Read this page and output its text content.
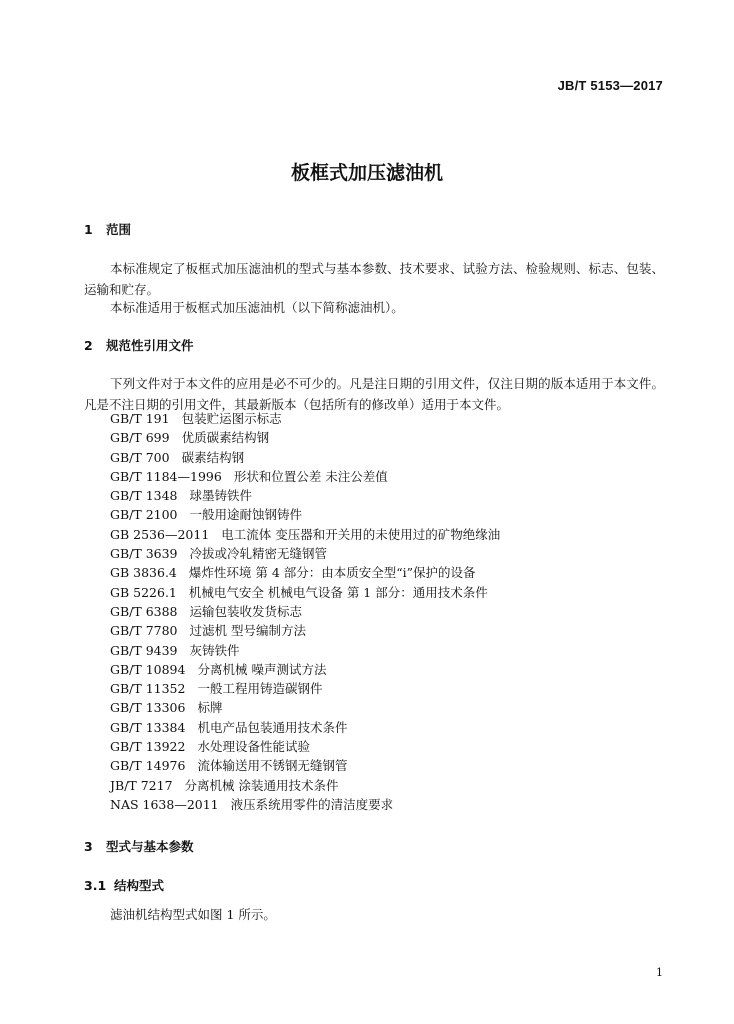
JB/T 5153—2017
板框式加压滤油机
1 范围
本标准规定了板框式加压滤油机的型式与基本参数、技术要求、试验方法、检验规则、标志、包装、运输和贮存。
本标准适用于板框式加压滤油机（以下简称滤油机）。
2 规范性引用文件
下列文件对于本文件的应用是必不可少的。凡是注日期的引用文件，仅注日期的版本适用于本文件。凡是不注日期的引用文件，其最新版本（包括所有的修改单）适用于本文件。
GB/T 191 包装贮运图示标志
GB/T 699 优质碳素结构钢
GB/T 700 碳素结构钢
GB/T 1184—1996 形状和位置公差 未注公差值
GB/T 1348 球墨铸铁件
GB/T 2100 一般用途耐蚀钢铸件
GB 2536—2011 电工流体 变压器和开关用的未使用过的矿物绝缘油
GB/T 3639 冷拔或冷轧精密无缝钢管
GB 3836.4 爆炸性环境 第 4 部分：由本质安全型“i”保护的设备
GB 5226.1 机械电气安全 机械电气设备 第 1 部分：通用技术条件
GB/T 6388 运输包装收发货标志
GB/T 7780 过滤机 型号编制方法
GB/T 9439 灰铸铁件
GB/T 10894 分离机械 噪声测试方法
GB/T 11352 一般工程用铸造碳钢件
GB/T 13306 标牌
GB/T 13384 机电产品包装通用技术条件
GB/T 13922 水处理设备性能试验
GB/T 14976 流体输送用不锈钢无缝钢管
JB/T 7217 分离机械 涂装通用技术条件
NAS 1638—2011 液压系统用零件的清洁度要求
3 型式与基本参数
3.1 结构型式
滤油机结构型式如图 1 所示。
1
